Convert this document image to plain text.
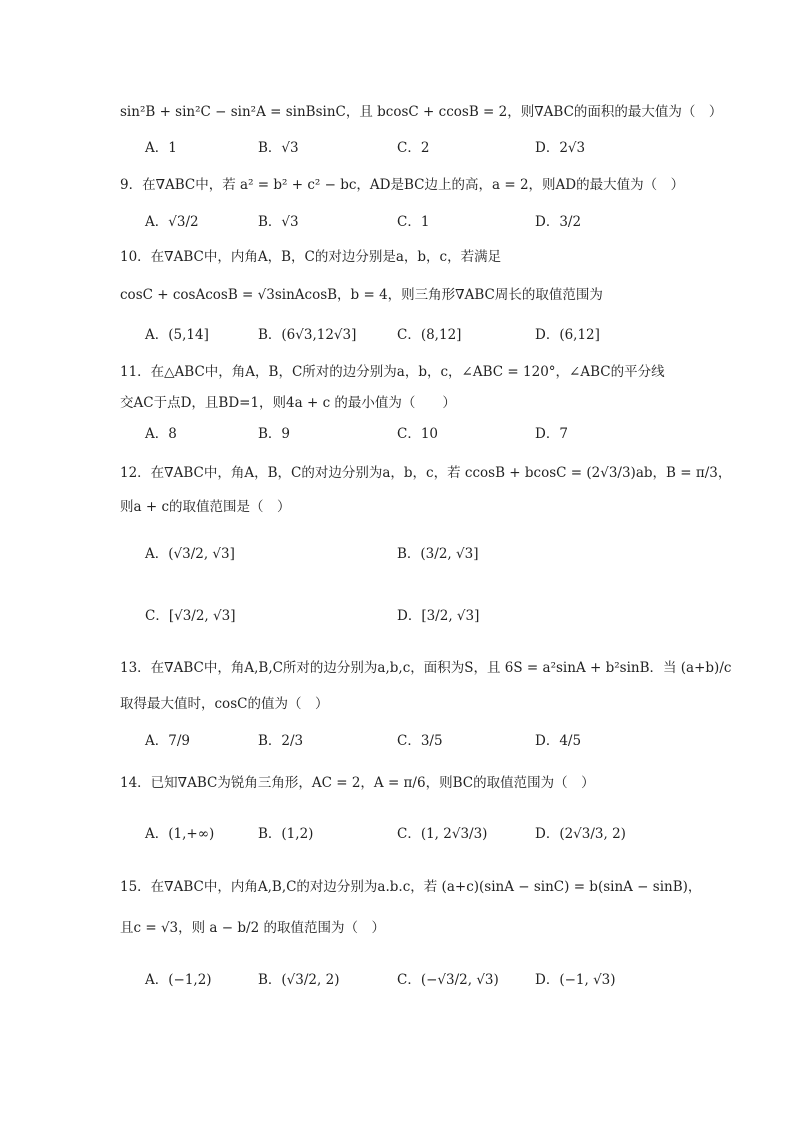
sin²B + sin²C − sin²A = sinBsinC，且 bcosC + ccosB = 2，则∇ABC的面积的最大值为（　）
A．1	B．√3	C．2	D．2√3
9．在∇ABC中，若 a² = b² + c² − bc，AD是BC边上的高，a = 2，则AD的最大值为（　）
A．√3/2	B．√3	C．1	D．3/2
10．在∇ABC中，内角A，B，C的对边分别是a，b，c，若满足
cosC + cosAcosB = √3sinAcosB，b = 4，则三角形∇ABC周长的取值范围为
A．(5,14]	B．(6√3,12√3]	C．(8,12]	D．(6,12]
11．在△ABC中，角A，B，C所对的边分别为a，b，c，∠ABC = 120°，∠ABC的平分线
交AC于点D，且BD=1，则4a + c 的最小值为（　　）
A．8	B．9	C．10	D．7
12．在∇ABC中，角A，B，C的对边分别为a，b，c，若 ccosB + bcosC = (2√3/3)ab，B = π/3，
则a + c的取值范围是（　）
A．(√3/2, √3]	B．(3/2, √3]
C．[√3/2, √3]	D．[3/2, √3]
13．在∇ABC中，角A,B,C所对的边分别为a,b,c，面积为S，且 6S = a²sinA + b²sinB．当 (a+b)/c
取得最大值时，cosC的值为（　）
A．7/9	B．2/3	C．3/5	D．4/5
14．已知∇ABC为锐角三角形，AC = 2，A = π/6，则BC的取值范围为（　）
A．(1,+∞)	B．(1,2)	C．(1, 2√3/3)	D．(2√3/3, 2)
15．在∇ABC中，内角A,B,C的对边分别为a.b.c，若 (a+c)(sinA − sinC) = b(sinA − sinB)，
且c = √3，则 a − b/2 的取值范围为（　）
A．(−1,2)	B．(√3/2, 2)	C．(−√3/2, √3)	D．(−1, √3)
